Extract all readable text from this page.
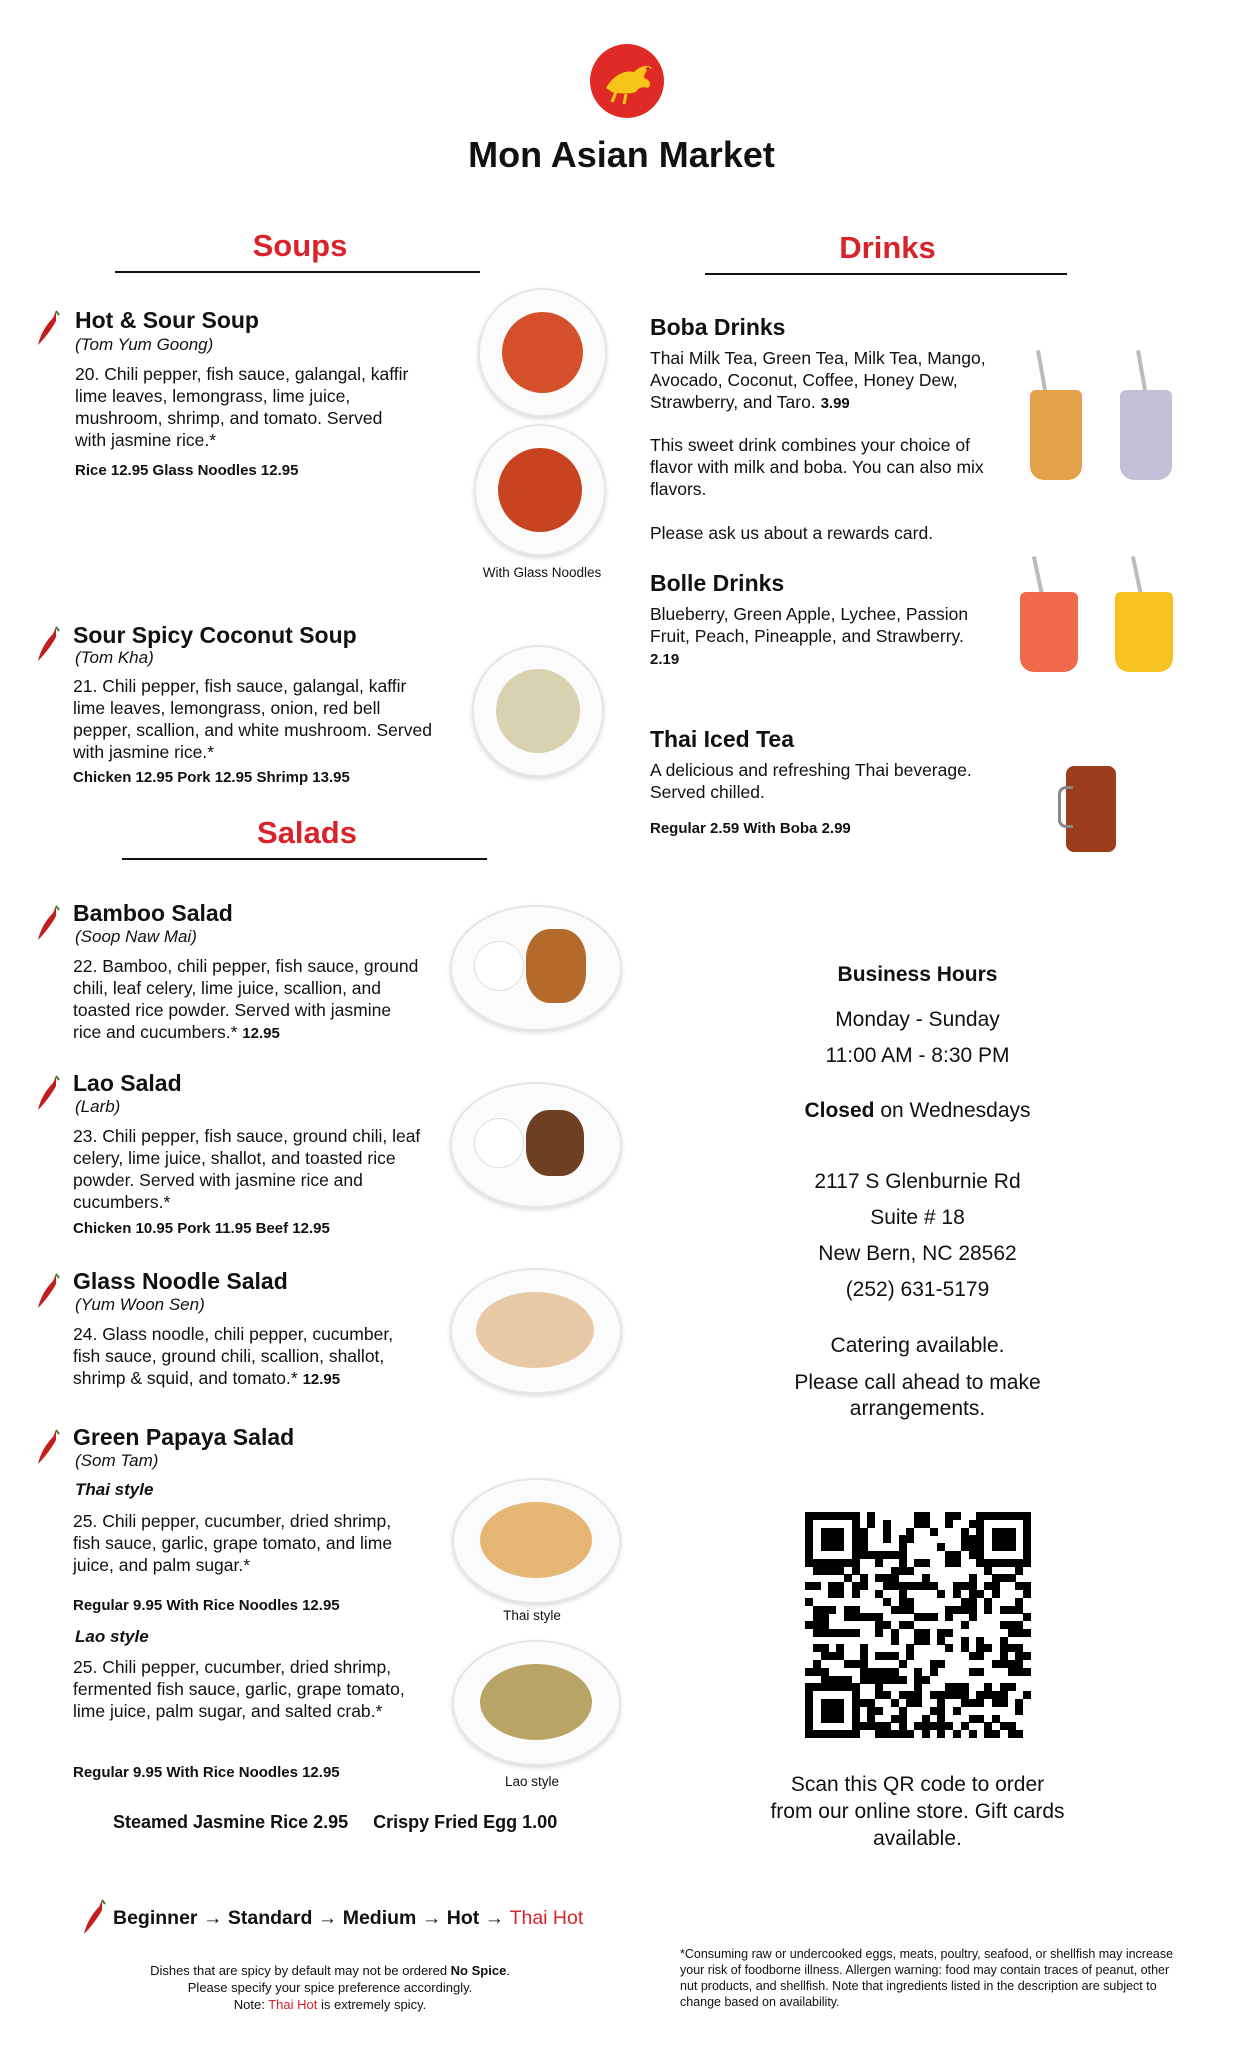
Mon Asian Market
Soups
Hot & Sour Soup
(Tom Yum Goong)
20. Chili pepper, fish sauce, galangal, kaffir lime leaves, lemongrass, lime juice, mushroom, shrimp, and tomato. Served with jasmine rice.*
Rice 12.95 Glass Noodles 12.95
With Glass Noodles
Sour Spicy Coconut Soup
(Tom Kha)
21. Chili pepper, fish sauce, galangal, kaffir lime leaves, lemongrass, onion, red bell pepper, scallion, and white mushroom. Served with jasmine rice.*
Chicken 12.95 Pork 12.95 Shrimp 13.95
Salads
Bamboo Salad
(Soop Naw Mai)
22. Bamboo, chili pepper, fish sauce, ground chili, leaf celery, lime juice, scallion, and toasted rice powder. Served with jasmine rice and cucumbers.* 12.95
Lao Salad
(Larb)
23. Chili pepper, fish sauce, ground chili, leaf celery, lime juice, shallot, and toasted rice powder. Served with jasmine rice and cucumbers.*
Chicken 10.95 Pork 11.95 Beef 12.95
Glass Noodle Salad
(Yum Woon Sen)
24. Glass noodle, chili pepper, cucumber, fish sauce, ground chili, scallion, shallot, shrimp & squid, and tomato.* 12.95
Green Papaya Salad
(Som Tam)
Thai style
25. Chili pepper, cucumber, dried shrimp, fish sauce, garlic, grape tomato, and lime juice, and palm sugar.*
Regular 9.95 With Rice Noodles 12.95
Lao style
25. Chili pepper, cucumber, dried shrimp, fermented fish sauce, garlic, grape tomato, lime juice, palm sugar, and salted crab.*
Regular 9.95 With Rice Noodles 12.95
Thai style
Lao style
Steamed Jasmine Rice 2.95     Crispy Fried Egg 1.00
Drinks
Boba Drinks
Thai Milk Tea, Green Tea, Milk Tea, Mango, Avocado, Coconut, Coffee, Honey Dew, Strawberry, and Taro. 3.99
This sweet drink combines your choice of flavor with milk and boba. You can also mix flavors.
Please ask us about a rewards card.
Bolle Drinks
Blueberry, Green Apple, Lychee, Passion Fruit, Peach, Pineapple, and Strawberry. 2.19
Thai Iced Tea
A delicious and refreshing Thai beverage. Served chilled.
Regular 2.59 With Boba 2.99
Business Hours
Monday - Sunday
11:00 AM - 8:30 PM
Closed on Wednesdays
2117 S Glenburnie Rd
Suite # 18
New Bern, NC 28562
(252) 631-5179
Catering available.
Please call ahead to make arrangements.
Scan this QR code to order from our online store. Gift cards available.
Beginner → Standard → Medium → Hot → Thai Hot
Dishes that are spicy by default may not be ordered No Spice.
Please specify your spice preference accordingly.
Note: Thai Hot is extremely spicy.
*Consuming raw or undercooked eggs, meats, poultry, seafood, or shellfish may increase your risk of foodborne illness. Allergen warning: food may contain traces of peanut, other nut products, and shellfish. Note that ingredients listed in the description are subject to change based on availability.
